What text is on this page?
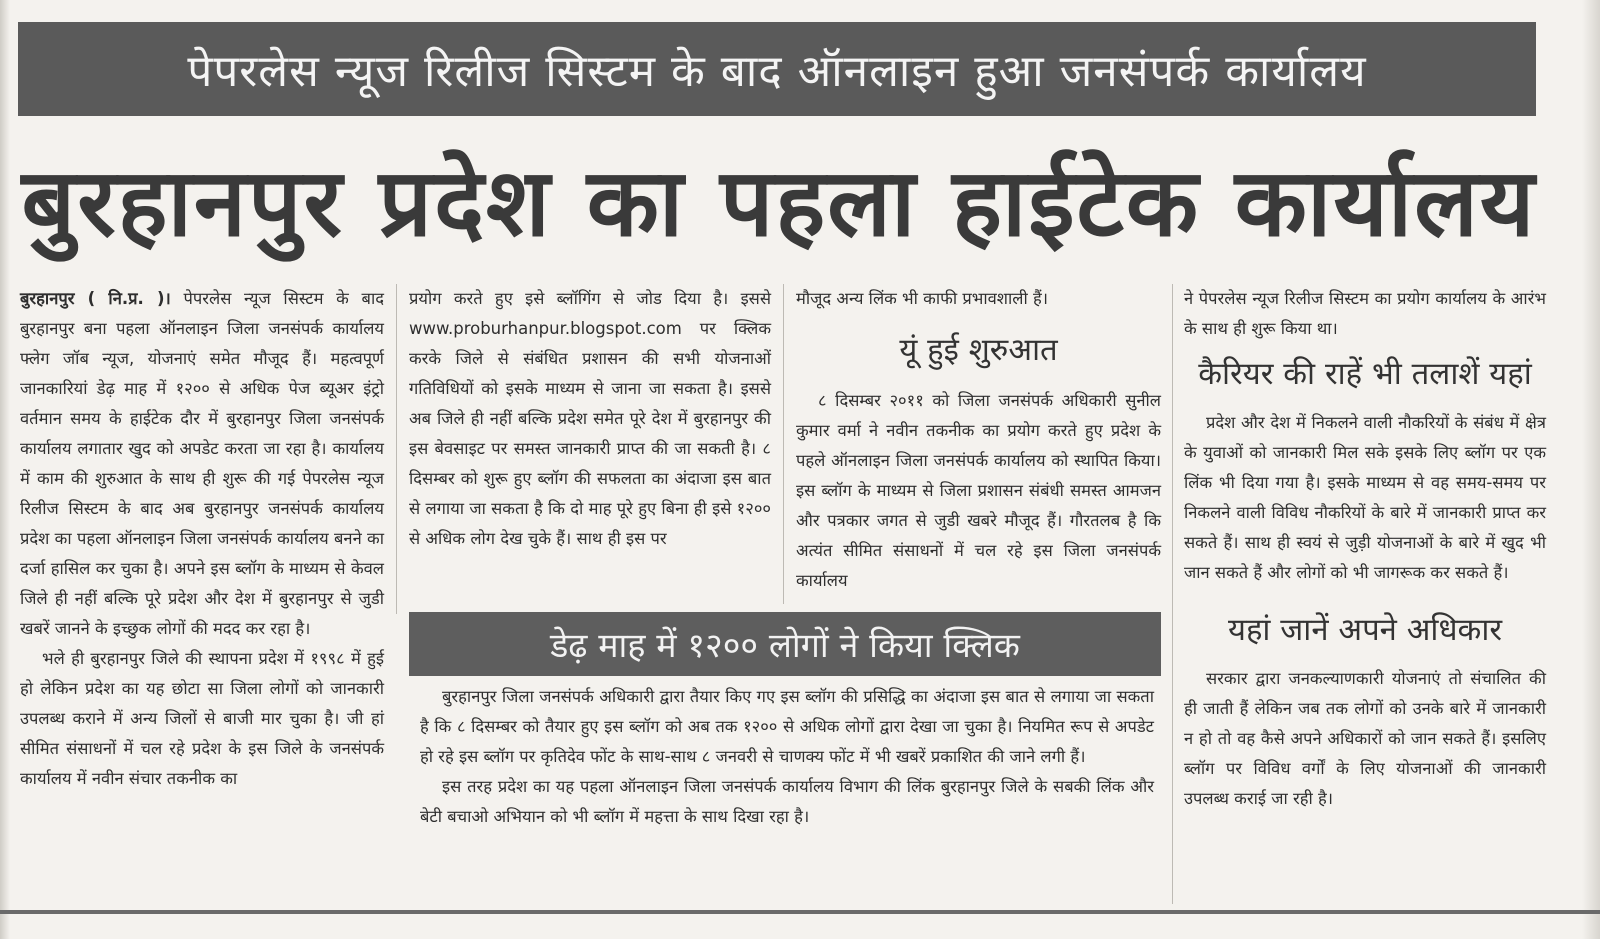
पेपरलेस न्यूज रिलीज सिस्टम के बाद ऑनलाइन हुआ जनसंपर्क कार्यालय
बुरहानपुर प्रदेश का पहला हाईटेक कार्यालय

बुरहानपुर ( नि.प्र. )। पेपरलेस न्यूज सिस्टम के बाद बुरहानपुर बना पहला ऑनलाइन जिला जनसंपर्क कार्यालय फ्लेग जॉब न्यूज, योजनाएं समेत मौजूद हैं। महत्वपूर्ण जानकारियां डेढ़ माह में १२०० से अधिक पेज ब्यूअर इंट्रो वर्तमान समय के हाईटेक दौर में बुरहानपुर जिला जनसंपर्क कार्यालय लगातार खुद को अपडेट करता जा रहा है। कार्यालय में काम की शुरुआत के साथ ही शुरू की गई पेपरलेस न्यूज रिलीज सिस्टम के बाद अब बुरहानपुर जनसंपर्क कार्यालय प्रदेश का पहला ऑनलाइन जिला जनसंपर्क कार्यालय बनने का दर्जा हासिल कर चुका है। अपने इस ब्लॉग के माध्यम से केवल जिले ही नहीं बल्कि पूरे प्रदेश और देश में बुरहानपुर से जुडी खबरें जानने के इच्छुक लोगों की मदद कर रहा है।

भले ही बुरहानपुर जिले की स्थापना प्रदेश में १९९८ में हुई हो लेकिन प्रदेश का यह छोटा सा जिला लोगों को जानकारी उपलब्ध कराने में अन्य जिलों से बाजी मार चुका है। जी हां सीमित संसाधनों में चल रहे प्रदेश के इस जिले के जनसंपर्क कार्यालय में नवीन संचार तकनीक का

प्रयोग करते हुए इसे ब्लॉगिंग से जोड दिया है। इससे www.proburhanpur.blogspot.com पर क्लिक करके जिले से संबंधित प्रशासन की सभी योजनाओं गतिविधियों को इसके माध्यम से जाना जा सकता है। इससे अब जिले ही नहीं बल्कि प्रदेश समेत पूरे देश में बुरहानपुर की इस बेवसाइट पर समस्त जानकारी प्राप्त की जा सकती है। ८ दिसम्बर को शुरू हुए ब्लॉग की सफलता का अंदाजा इस बात से लगाया जा सकता है कि दो माह पूरे हुए बिना ही इसे १२०० से अधिक लोग देख चुके हैं। साथ ही इस पर

मौजूद अन्य लिंक भी काफी प्रभावशाली हैं।

यूं हुई शुरुआत

८ दिसम्बर २०११ को जिला जनसंपर्क अधिकारी सुनील कुमार वर्मा ने नवीन तकनीक का प्रयोग करते हुए प्रदेश के पहले ऑनलाइन जिला जनसंपर्क कार्यालय को स्थापित किया। इस ब्लॉग के माध्यम से जिला प्रशासन संबंधी समस्त आमजन और पत्रकार जगत से जुडी खबरे मौजूद हैं। गौरतलब है कि अत्यंत सीमित संसाधनों में चल रहे इस जिला जनसंपर्क कार्यालय

ने पेपरलेस न्यूज रिलीज सिस्टम का प्रयोग कार्यालय के आरंभ के साथ ही शुरू किया था।

कैरियर की राहें भी तलाशें यहां

प्रदेश और देश में निकलने वाली नौकरियों के संबंध में क्षेत्र के युवाओं को जानकारी मिल सके इसके लिए ब्लॉग पर एक लिंक भी दिया गया है। इसके माध्यम से वह समय-समय पर निकलने वाली विविध नौकरियों के बारे में जानकारी प्राप्त कर सकते हैं। साथ ही स्वयं से जुड़ी योजनाओं के बारे में खुद भी जान सकते हैं और लोगों को भी जागरूक कर सकते हैं।

यहां जानें अपने अधिकार

सरकार द्वारा जनकल्याणकारी योजनाएं तो संचालित की ही जाती हैं लेकिन जब तक लोगों को उनके बारे में जानकारी न हो तो वह कैसे अपने अधिकारों को जान सकते हैं। इसलिए ब्लॉग पर विविध वर्गों के लिए योजनाओं की जानकारी उपलब्ध कराई जा रही है।

डेढ़ माह में १२०० लोगों ने किया क्लिक

बुरहानपुर जिला जनसंपर्क अधिकारी द्वारा तैयार किए गए इस ब्लॉग की प्रसिद्धि का अंदाजा इस बात से लगाया जा सकता है कि ८ दिसम्बर को तैयार हुए इस ब्लॉग को अब तक १२०० से अधिक लोगों द्वारा देखा जा चुका है। नियमित रूप से अपडेट हो रहे इस ब्लॉग पर कृतिदेव फोंट के साथ-साथ ८ जनवरी से चाणक्य फोंट में भी खबरें प्रकाशित की जाने लगी हैं।

इस तरह प्रदेश का यह पहला ऑनलाइन जिला जनसंपर्क कार्यालय विभाग की लिंक बुरहानपुर जिले के सबकी लिंक और बेटी बचाओ अभियान को भी ब्लॉग में महत्ता के साथ दिखा रहा है।
